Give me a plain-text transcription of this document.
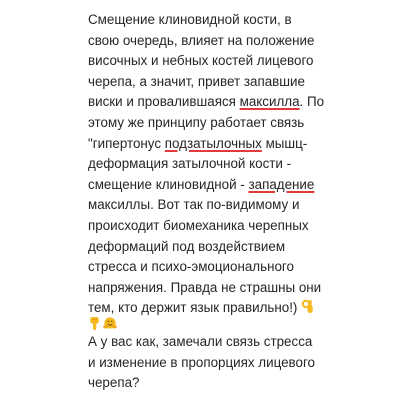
Смещение клиновидной кости, в
свою очередь, влияет на положение
височных и небных костей лицевого
черепа, а значит, привет запавшие
виски и провалившаяся максилла. По
этому же принципу работает связь
"гипертонус подзатылочных мышц-
деформация затылочной кости -
смещение клиновидной - западение
максиллы. Вот так по-видимому и
происходит биомеханика черепных
деформаций под воздействием
стресса и психо-эмоционального
напряжения. Правда не страшны они
тем, кто держит язык правильно!)
А у вас как, замечали связь стресса
и изменение в пропорциях лицевого
черепа?
